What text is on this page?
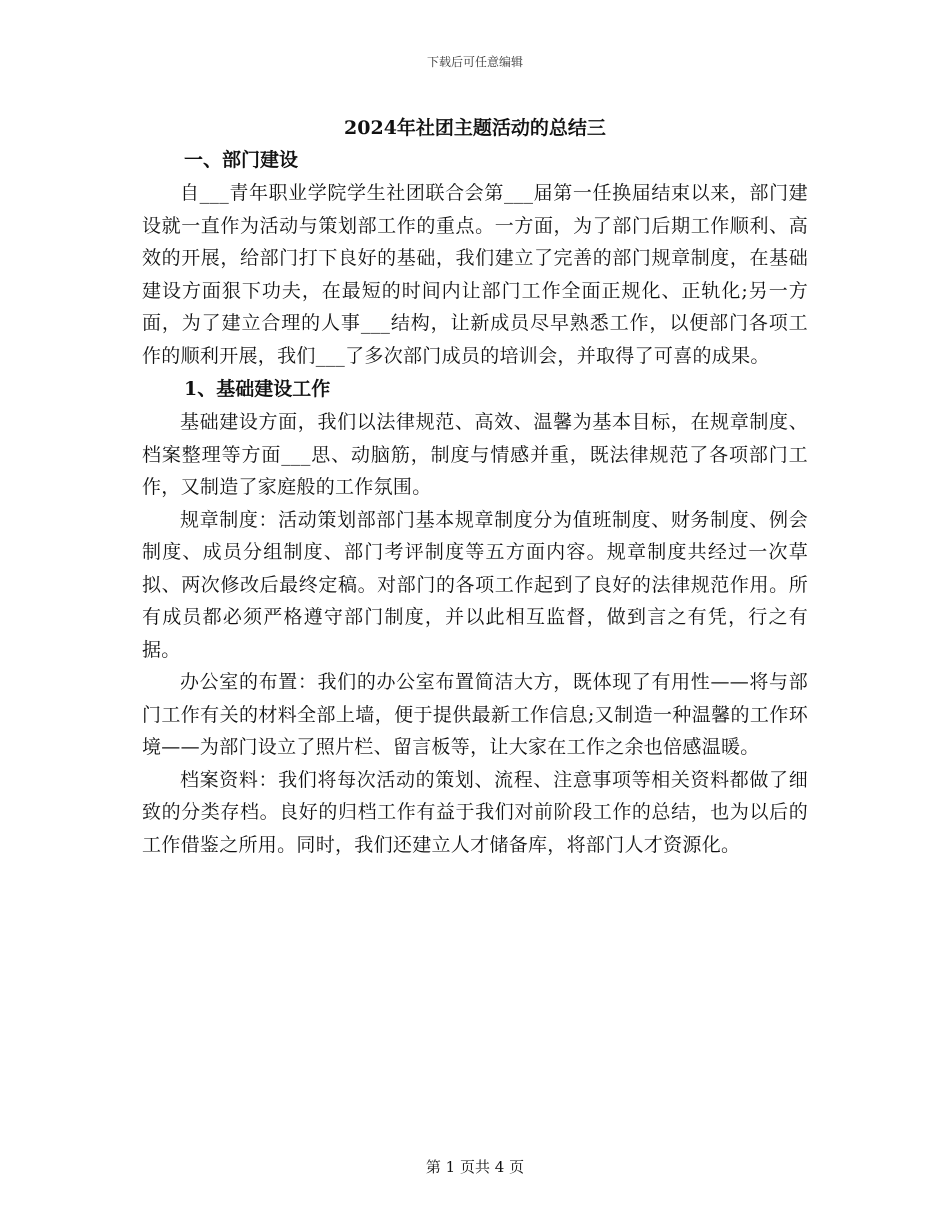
下载后可任意编辑
2024年社团主题活动的总结三
一、部门建设

自___青年职业学院学生社团联合会第___届第一任换届结束以来，部门建设就一直作为活动与策划部工作的重点。一方面，为了部门后期工作顺利、高效的开展，给部门打下良好的基础，我们建立了完善的部门规章制度，在基础建设方面狠下功夫，在最短的时间内让部门工作全面正规化、正轨化;另一方面，为了建立合理的人事___结构，让新成员尽早熟悉工作，以便部门各项工作的顺利开展，我们___了多次部门成员的培训会，并取得了可喜的成果。

1、基础建设工作

基础建设方面，我们以法律规范、高效、温馨为基本目标，在规章制度、档案整理等方面___思、动脑筋，制度与情感并重，既法律规范了各项部门工作，又制造了家庭般的工作氛围。

规章制度：活动策划部部门基本规章制度分为值班制度、财务制度、例会制度、成员分组制度、部门考评制度等五方面内容。规章制度共经过一次草拟、两次修改后最终定稿。对部门的各项工作起到了良好的法律规范作用。所有成员都必须严格遵守部门制度，并以此相互监督，做到言之有凭，行之有据。

办公室的布置：我们的办公室布置简洁大方，既体现了有用性——将与部门工作有关的材料全部上墙，便于提供最新工作信息;又制造一种温馨的工作环境——为部门设立了照片栏、留言板等，让大家在工作之余也倍感温暖。

档案资料：我们将每次活动的策划、流程、注意事项等相关资料都做了细致的分类存档。良好的归档工作有益于我们对前阶段工作的总结，也为以后的工作借鉴之所用。同时，我们还建立人才储备库，将部门人才资源化。

第 1 页共 4 页
